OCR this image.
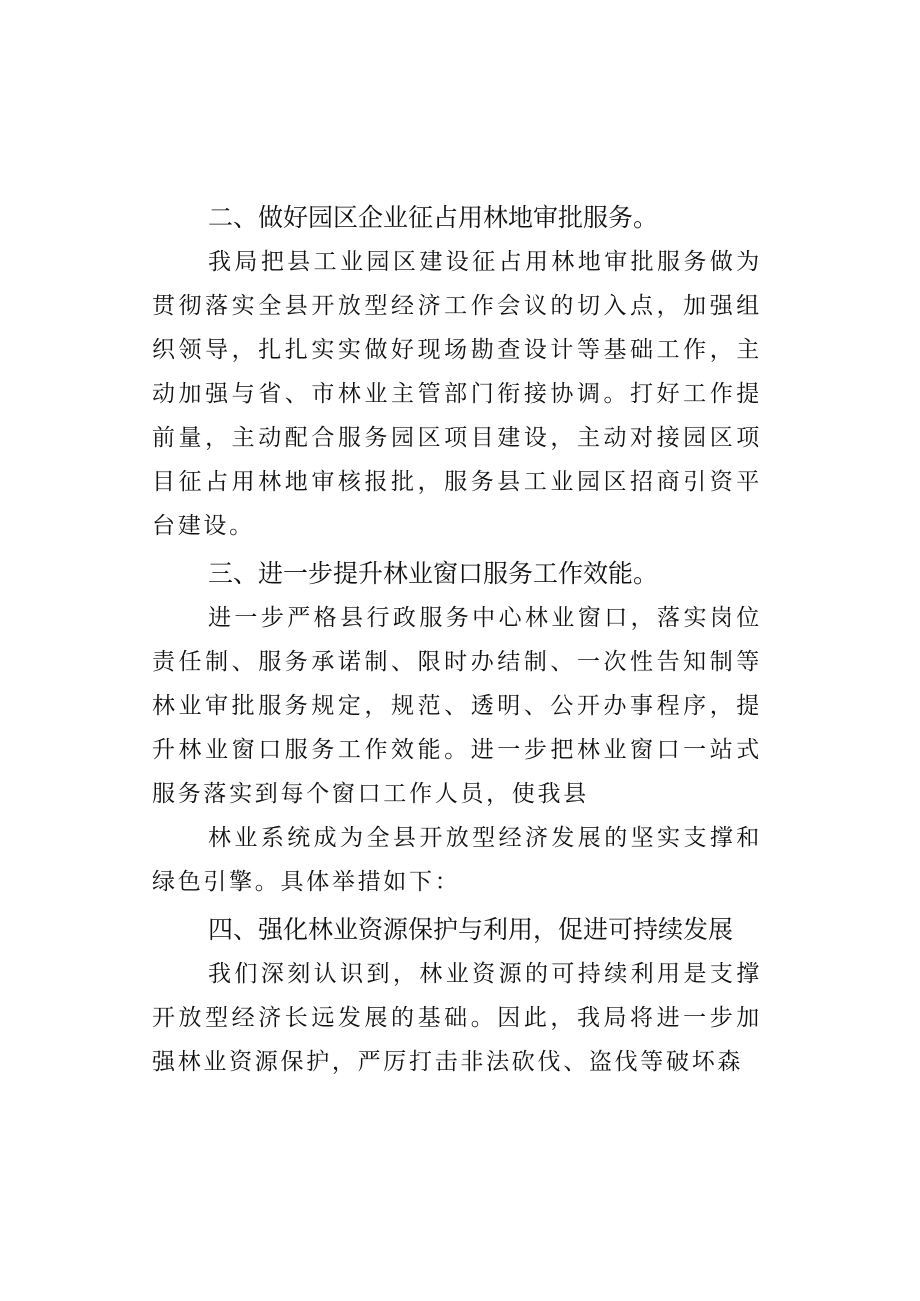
二、做好园区企业征占用林地审批服务。

我局把县工业园区建设征占用林地审批服务做为贯彻落实全县开放型经济工作会议的切入点，加强组织领导，扎扎实实做好现场勘查设计等基础工作，主动加强与省、市林业主管部门衔接协调。打好工作提前量，主动配合服务园区项目建设，主动对接园区项目征占用林地审核报批，服务县工业园区招商引资平台建设。

三、进一步提升林业窗口服务工作效能。

进一步严格县行政服务中心林业窗口，落实岗位责任制、服务承诺制、限时办结制、一次性告知制等林业审批服务规定，规范、透明、公开办事程序，提升林业窗口服务工作效能。进一步把林业窗口一站式服务落实到每个窗口工作人员，使我县

林业系统成为全县开放型经济发展的坚实支撑和绿色引擎。具体举措如下：

四、强化林业资源保护与利用，促进可持续发展

我们深刻认识到，林业资源的可持续利用是支撑开放型经济长远发展的基础。因此，我局将进一步加强林业资源保护，严厉打击非法砍伐、盗伐等破坏森
